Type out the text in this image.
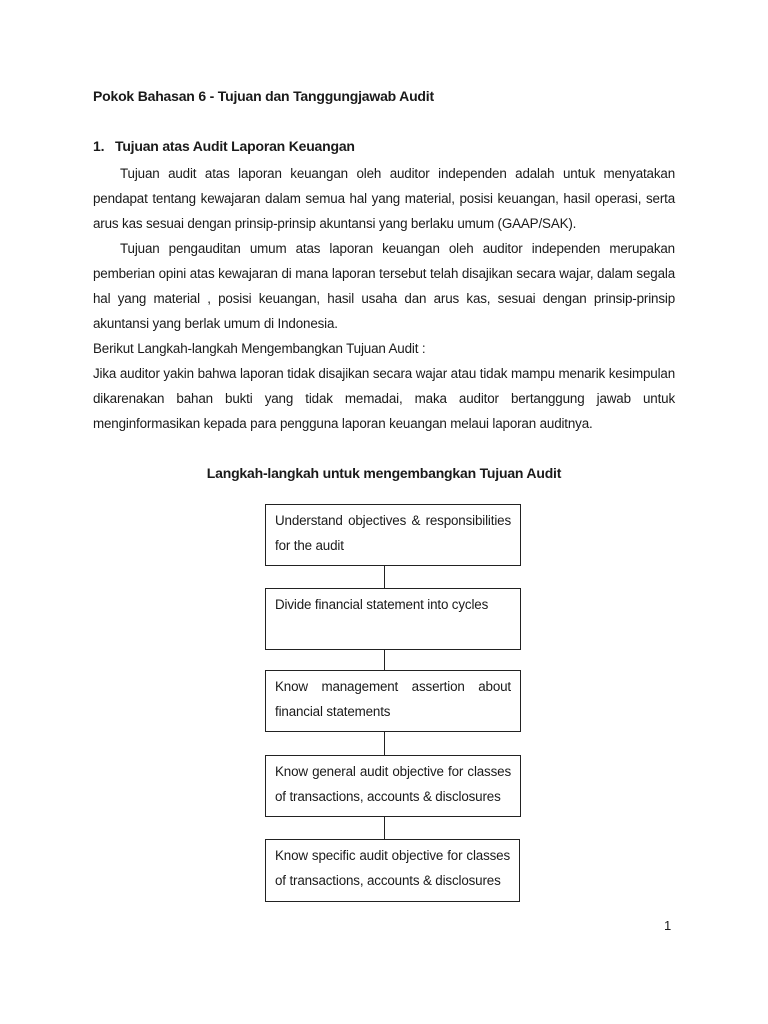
Pokok Bahasan 6 - Tujuan dan Tanggungjawab Audit
1. Tujuan atas Audit Laporan Keuangan

Tujuan audit atas laporan keuangan oleh auditor independen adalah untuk menyatakan pendapat tentang kewajaran dalam semua hal yang material, posisi keuangan, hasil operasi, serta arus kas sesuai dengan prinsip-prinsip akuntansi yang berlaku umum (GAAP/SAK).

Tujuan pengauditan umum atas laporan keuangan oleh auditor independen merupakan pemberian opini atas kewajaran di mana laporan tersebut telah disajikan secara wajar, dalam segala hal yang material , posisi keuangan, hasil usaha dan arus kas, sesuai dengan prinsip-prinsip akuntansi yang berlak umum di Indonesia.

Berikut Langkah-langkah Mengembangkan Tujuan Audit :

Jika auditor yakin bahwa laporan tidak disajikan secara wajar atau tidak mampu menarik kesimpulan dikarenakan bahan bukti yang tidak memadai, maka auditor bertanggung jawab untuk menginformasikan kepada para pengguna laporan keuangan melaui laporan auditnya.

Langkah-langkah untuk mengembangkan Tujuan Audit
Understand objectives & responsibilities for the audit
Divide financial statement into cycles
Know management assertion about financial statements
Know general audit objective for classes of transactions, accounts & disclosures
Know specific audit objective for classes of transactions, accounts & disclosures
1
